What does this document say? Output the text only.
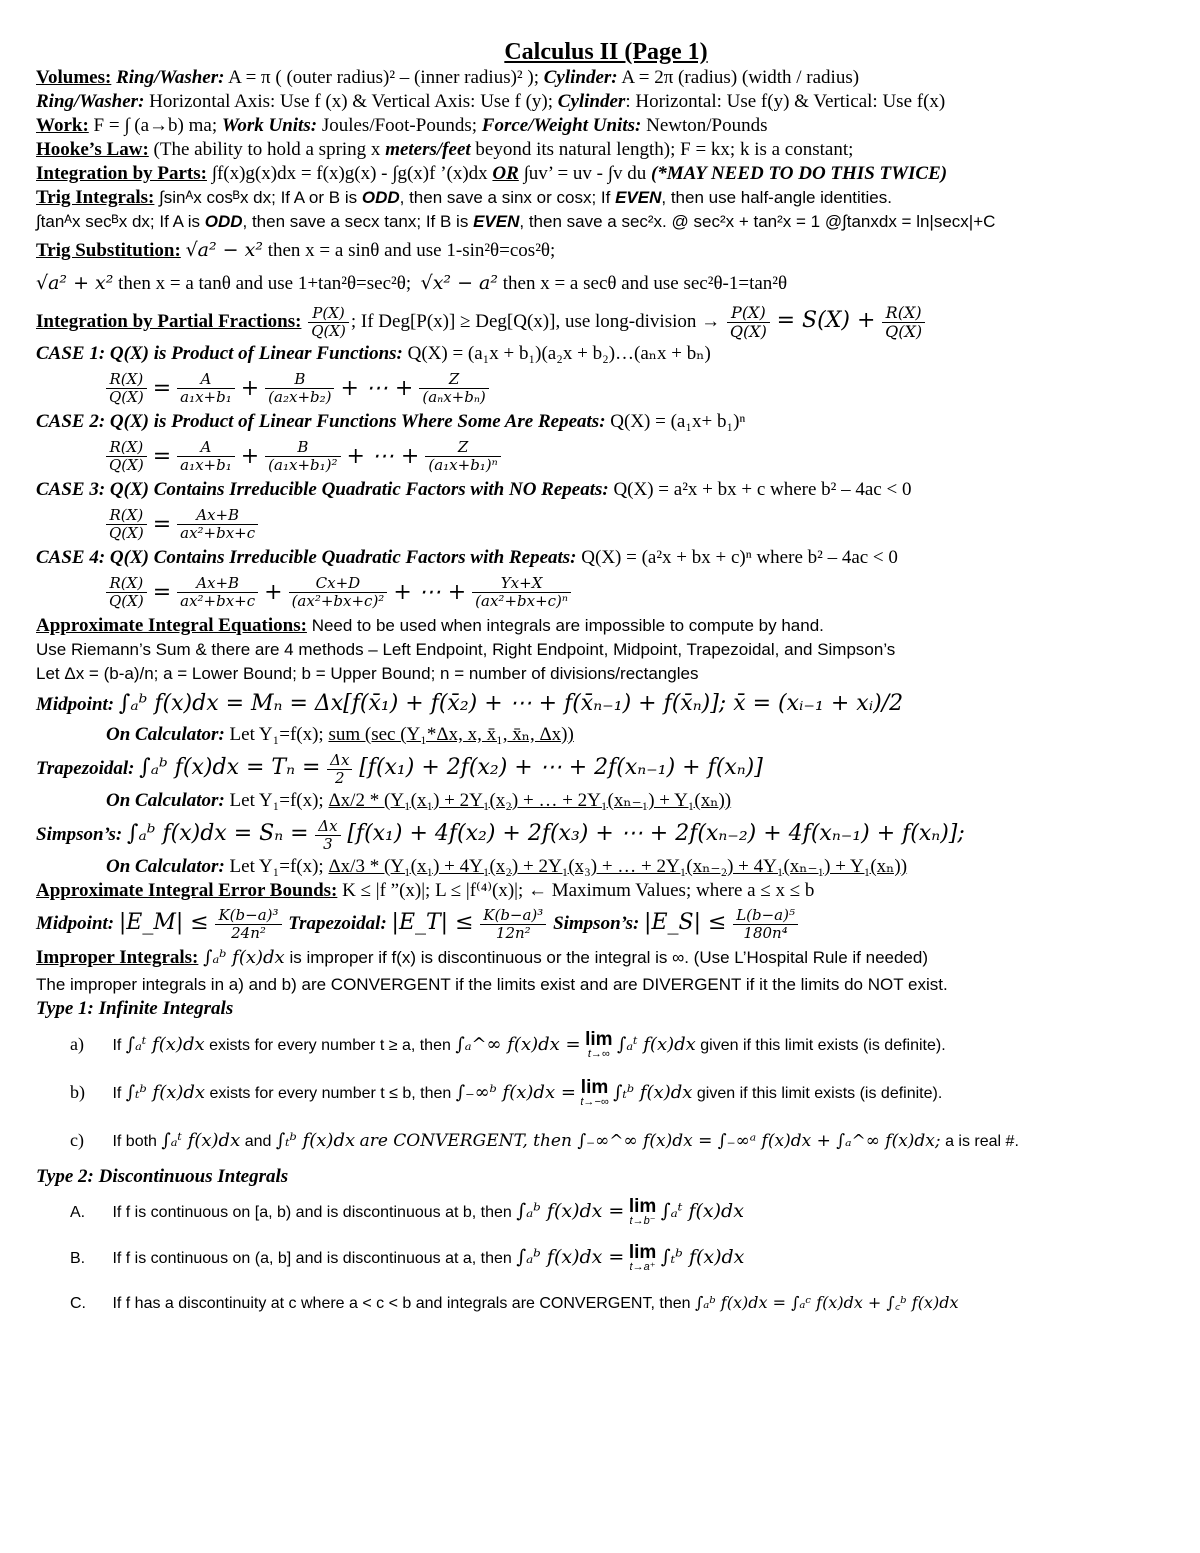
Calculus II (Page 1)
Volumes: Ring/Washer: A = π ( (outer radius)² – (inner radius)² ); Cylinder: A = 2π (radius) (width / radius)
Ring/Washer: Horizontal Axis: Use f (x) & Vertical Axis: Use f (y); Cylinder: Horizontal: Use f(y) & Vertical: Use f(x)
Work: F = ∫ (a→b) ma; Work Units: Joules/Foot-Pounds; Force/Weight Units: Newton/Pounds
Hooke’s Law: (The ability to hold a spring x meters/feet beyond its natural length); F = kx; k is a constant;
Integration by Parts: ∫f(x)g(x)dx = f(x)g(x) - ∫g(x)f ’(x)dx OR ∫uv’ = uv - ∫v du (*MAY NEED TO DO THIS TWICE)
Trig Integrals: ∫sinᴬx cosᴮx dx; If A or B is ODD, then save a sinx or cosx; If EVEN, then use half-angle identities.
∫tanᴬx secᴮx dx; If A is ODD, then save a secx tanx; If B is EVEN, then save a sec²x. @ sec²x + tan²x = 1 @∫tanxdx = ln|secx|+C
Trig Substitution: √a² − x² then x = a sinθ and use 1-sin²θ=cos²θ;
√a² + x² then x = a tanθ and use 1+tan²θ=sec²θ; √x² − a² then x = a secθ and use sec²θ-1=tan²θ
Integration by Partial Fractions: $\frac{P(X)}{Q(X)}$ ; If Deg[P(x)] ≥ Deg[Q(x)], use long-division → $\frac{P(X)}{Q(X)} = S(X) + \frac{R(X)}{Q(X)}$
CASE 1: Q(X) is Product of Linear Functions: Q(X) = (a₁x + b₁)(a₂x + b₂)…(aₙx + bₙ)
$\frac{R(X)}{Q(X)} = \frac{A}{\text{a₁x+b₁}} + \frac{B}{\text{(a₂x+b₂)}}$ + ⋯ + $\frac{Z}{\text{(aₙx+bₙ)}}$
CASE 2: Q(X) is Product of Linear Functions Where Some Are Repeats: Q(X) = (a₁x+ b₁)ⁿ
$\frac{R(X)}{Q(X)} = \frac{A}{\text{a₁x+b₁}} + \frac{B}{\text{(a₁x+b₁)²}}$ + ⋯ + $\frac{Z}{\text{(a₁x+b₁)ⁿ}}$
CASE 3: Q(X) Contains Irreducible Quadratic Factors with NO Repeats: Q(X) = a²x + bx + c where b² – 4ac < 0
$\frac{R(X)}{Q(X)} = \frac{Ax+B}{\text{ax²+bx+c}}$
CASE 4: Q(X) Contains Irreducible Quadratic Factors with Repeats: Q(X) = (a²x + bx + c)ⁿ where b² – 4ac < 0
$\frac{R(X)}{Q(X)} = \frac{Ax+B}{\text{ax²+bx+c}} + \frac{Cx+D}{\text{(ax²+bx+c)²}}$ + ⋯ + $\frac{Yx+X}{\text{(ax²+bx+c)ⁿ}}$
Approximate Integral Equations: Need to be used when integrals are impossible to compute by hand.
Use Riemann’s Sum & there are 4 methods – Left Endpoint, Right Endpoint, Midpoint, Trapezoidal, and Simpson’s
Let Δx = (b-a)/n; a = Lower Bound; b = Upper Bound; n = number of divisions/rectangles
Midpoint: ∫ₐᵇ f(x)dx = Mₙ = Δx[f(x̄₁) + f(x̄₂) + ⋯ + f(x̄ₙ₋₁) + f(x̄ₙ)]; x̄ = (xᵢ₋₁ + xᵢ)/2
On Calculator: Let Y₁=f(x); sum (sec (Y₁*Δx, x, x̄₁, x̄ₙ, Δx))
Trapezoidal: ∫ₐᵇ $f(x)dx = T_n = \frac{\Delta x}{2} [f(x_1) + 2f(x_2)$ + ⋯ + 2f(xₙ₋₁) + f(xₙ)]
On Calculator: Let Y₁=f(x); Δx/2 * (Y₁(x₁) + 2Y₁(x₂) + … + 2Y₁(xₙ₋₁) + Y₁(xₙ))
Simpson’s: ∫ₐᵇ $f(x)dx = S_n = \frac{\Delta x}{3} [f(x_1) + 4f(x_2) + 2f(x_3)$ + ⋯ + 2f(xₙ₋₂) + 4f(xₙ₋₁) + f(xₙ)];
On Calculator: Let Y₁=f(x); Δx/3 * (Y₁(x₁) + 4Y₁(x₂) + 2Y₁(x₃) + … + 2Y₁(xₙ₋₂) + 4Y₁(xₙ₋₁) + Y₁(xₙ))
Approximate Integral Error Bounds: K ≤ |f ”(x)|; L ≤ |f⁽⁴⁾(x)|; ← Maximum Values; where a ≤ x ≤ b
Midpoint: |E_M| ≤ $\frac{\text{K(b−a)³}}{\text{24n²}}$ Trapezoidal: |E_T| ≤ $\frac{\text{K(b−a)³}}{\text{12n²}}$ Simpson’s: |E_S| ≤ $\frac{\text{L(b−a)⁵}}{\text{180n⁴}}$
Improper Integrals: ∫ₐᵇ f(x)dx is improper if f(x) is discontinuous or the integral is ∞. (Use L’Hospital Rule if needed)
The improper integrals in a) and b) are CONVERGENT if the limits exist and are DIVERGENT if it the limits do NOT exist.
Type 1: Infinite Integrals
a) If ∫ₐᵗ f(x)dx exists for every number t ≥ a, then ∫ₐ^∞ f(x)dx = lim
t→∞ ∫ₐᵗ f(x)dx given if this limit exists (is definite).
b) If ∫ₜᵇ f(x)dx exists for every number t ≤ b, then ∫₋∞ᵇ f(x)dx = lim
t→−∞ ∫ₜᵇ f(x)dx given if this limit exists (is definite).
c) If both ∫ₐᵗ f(x)dx and ∫ₜᵇ f(x)dx are CONVERGENT, then ∫₋∞^∞ f(x)dx = ∫₋∞ᵃ f(x)dx + ∫ₐ^∞ f(x)dx; a is real #.
Type 2: Discontinuous Integrals
A. If f is continuous on [a, b) and is discontinuous at b, then ∫ₐᵇ f(x)dx = lim
t→b⁻ ∫ₐᵗ f(x)dx
B. If f is continuous on (a, b] and is discontinuous at a, then ∫ₐᵇ f(x)dx = lim
t→a⁺ ∫ₜᵇ f(x)dx
C. If f has a discontinuity at c where a < c < b and integrals are CONVERGENT, then ∫ₐᵇ f(x)dx = ∫ₐᶜ f(x)dx + ∫꜀ᵇ f(x)dx
